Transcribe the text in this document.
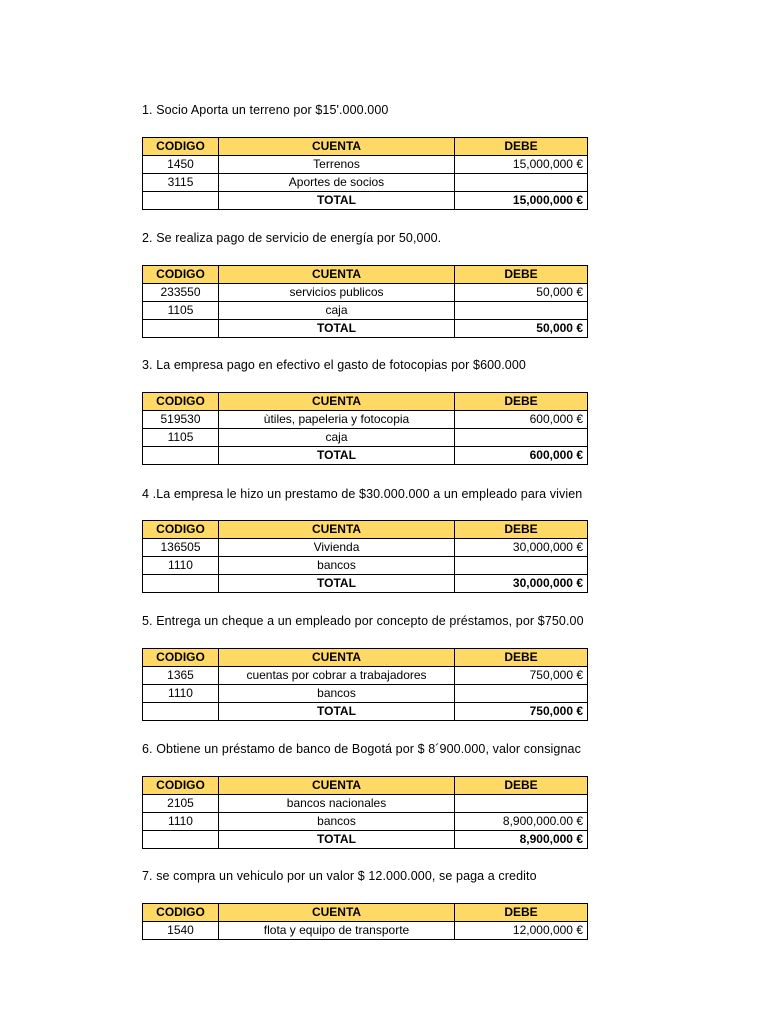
1. Socio Aporta un terreno por $15'.000.000
CODIGO	CUENTA	DEBE
1450	Terrenos	15,000,000 €
3115	Aportes de socios	
	TOTAL	15,000,000 €
2. Se realiza pago de servicio de energía por 50,000.
CODIGO	CUENTA	DEBE
233550	servicios publicos	50,000 €
1105	caja	
	TOTAL	50,000 €
3. La empresa pago en efectivo el gasto de fotocopias por $600.000
CODIGO	CUENTA	DEBE
519530	ùtiles, papeleria y fotocopia	600,000 €
1105	caja	
	TOTAL	600,000 €
4 .La empresa le hizo un prestamo de $30.000.000 a un empleado para vivien
CODIGO	CUENTA	DEBE
136505	Vivienda	30,000,000 €
1110	bancos	
	TOTAL	30,000,000 €
5. Entrega un cheque a un empleado por concepto de préstamos, por $750.00
CODIGO	CUENTA	DEBE
1365	cuentas por cobrar a trabajadores	750,000 €
1110	bancos	
	TOTAL	750,000 €
6. Obtiene un préstamo de banco de Bogotá por $ 8´900.000, valor consignac
CODIGO	CUENTA	DEBE
2105	bancos nacionales	
1110	bancos	8,900,000.00 €
	TOTAL	8,900,000 €
7. se compra un vehiculo por un valor $ 12.000.000, se paga a credito
CODIGO	CUENTA	DEBE
1540	flota y equipo de transporte	12,000,000 €
